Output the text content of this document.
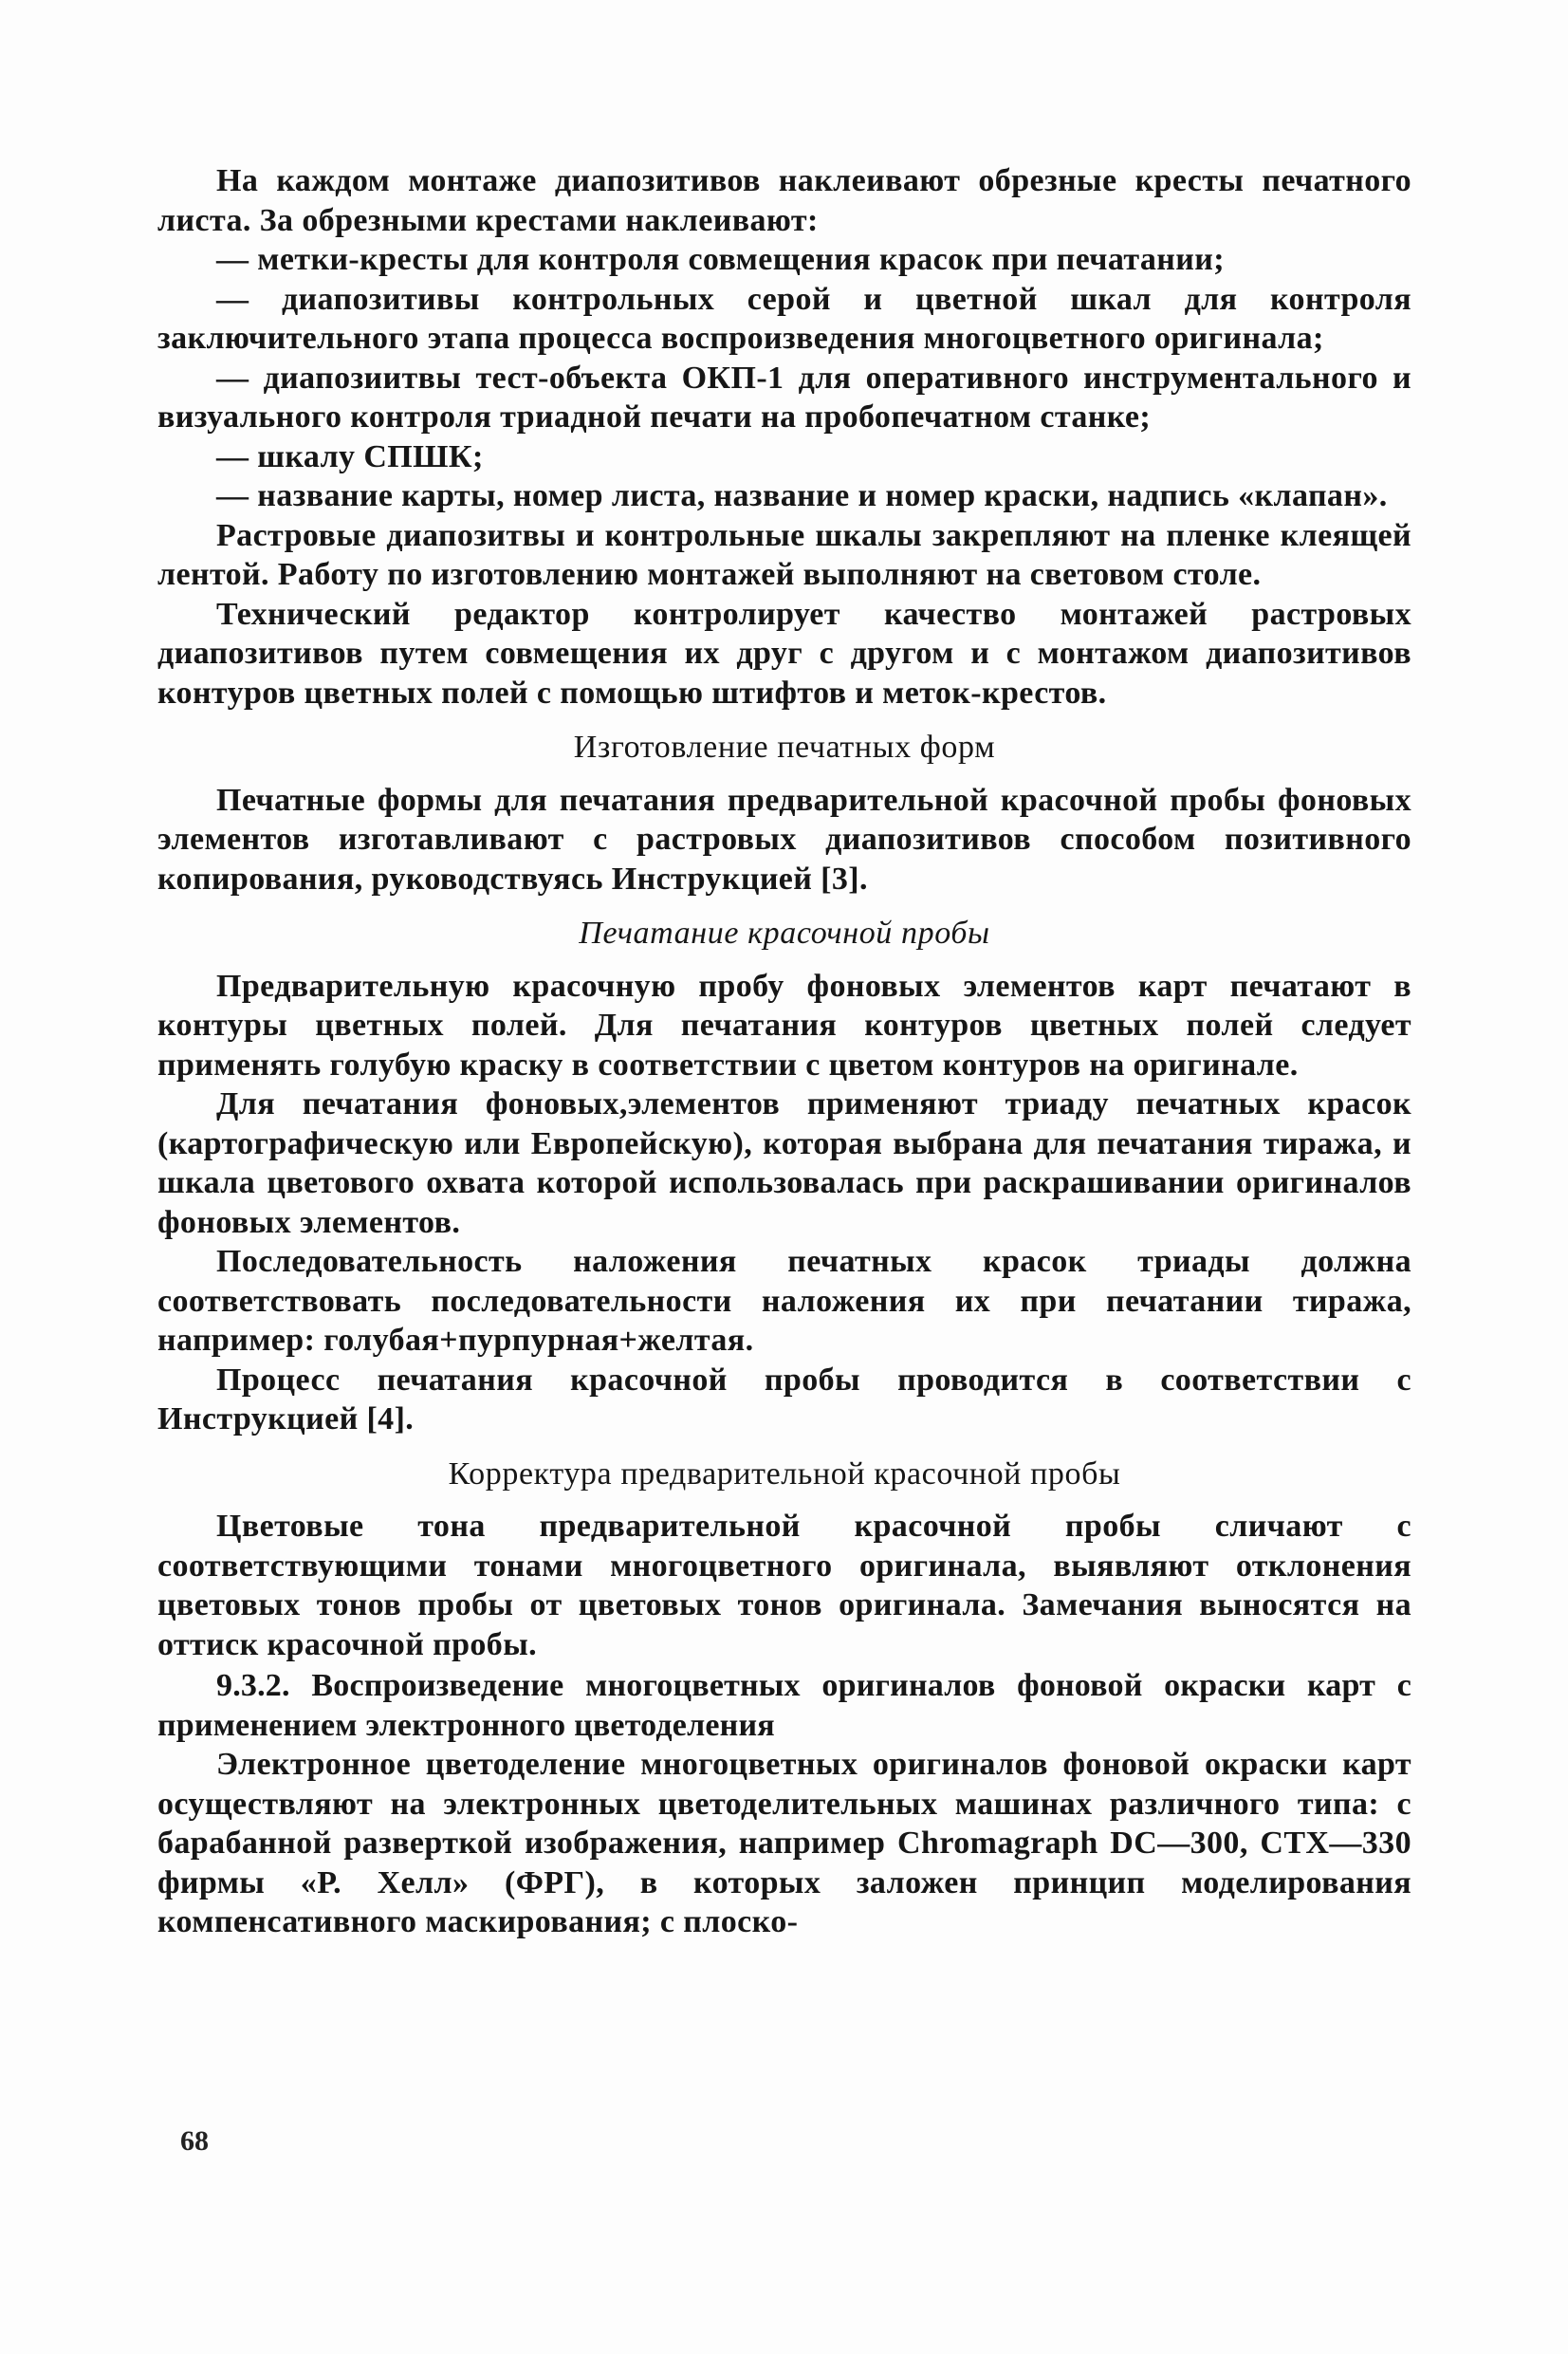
На каждом монтаже диапозитивов наклеивают обрезные кресты печатного листа. За обрезными крестами наклеивают:

— метки-кресты для контроля совмещения красок при печатании;

— диапозитивы контрольных серой и цветной шкал для контроля заключительного этапа процесса воспроизведения многоцветного оригинала;

— диапозиитвы тест-объекта ОКП-1 для оперативного инструментального и визуального контроля триадной печати на пробопечатном станке;

— шкалу СПШК;

— название карты, номер листа, название и номер краски, надпись «клапан».

Растровые диапозитвы и контрольные шкалы закрепляют на пленке клеящей лентой. Работу по изготовлению монтажей выполняют на световом столе.

Технический редактор контролирует качество монтажей растровых диапозитивов путем совмещения их друг с другом и с монтажом диапозитивов контуров цветных полей с помощью штифтов и меток-крестов.

Изготовление печатных форм

Печатные формы для печатания предварительной красочной пробы фоновых элементов изготавливают с растровых диапозитивов способом позитивного копирования, руководствуясь Инструкцией [3].

Печатание красочной пробы

Предварительную красочную пробу фоновых элементов карт печатают в контуры цветных полей. Для печатания контуров цветных полей следует применять голубую краску в соответствии с цветом контуров на оригинале.

Для печатания фоновых,элементов применяют триаду печатных красок (картографическую или Европейскую), которая выбрана для печатания тиража, и шкала цветового охвата которой использовалась при раскрашивании оригиналов фоновых элементов.

Последовательность наложения печатных красок триады должна соответствовать последовательности наложения их при печатании тиража, например: голубая+пурпурная+желтая.

Процесс печатания красочной пробы проводится в соответствии с Инструкцией [4].

Корректура предварительной красочной пробы

Цветовые тона предварительной красочной пробы сличают с соответствующими тонами многоцветного оригинала, выявляют отклонения цветовых тонов пробы от цветовых тонов оригинала. Замечания выносятся на оттиск красочной пробы.

9.3.2. Воспроизведение многоцветных оригиналов фоновой окраски карт с применением электронного цветоделения

Электронное цветоделение многоцветных оригиналов фоновой окраски карт осуществляют на электронных цветоделительных машинах различного типа: с барабанной разверткой изображения, например Chromagraph DC—300, CTX—330 фирмы «Р. Хелл» (ФРГ), в которых заложен принцип моделирования компенсативного маскирования; с плоско-

68
